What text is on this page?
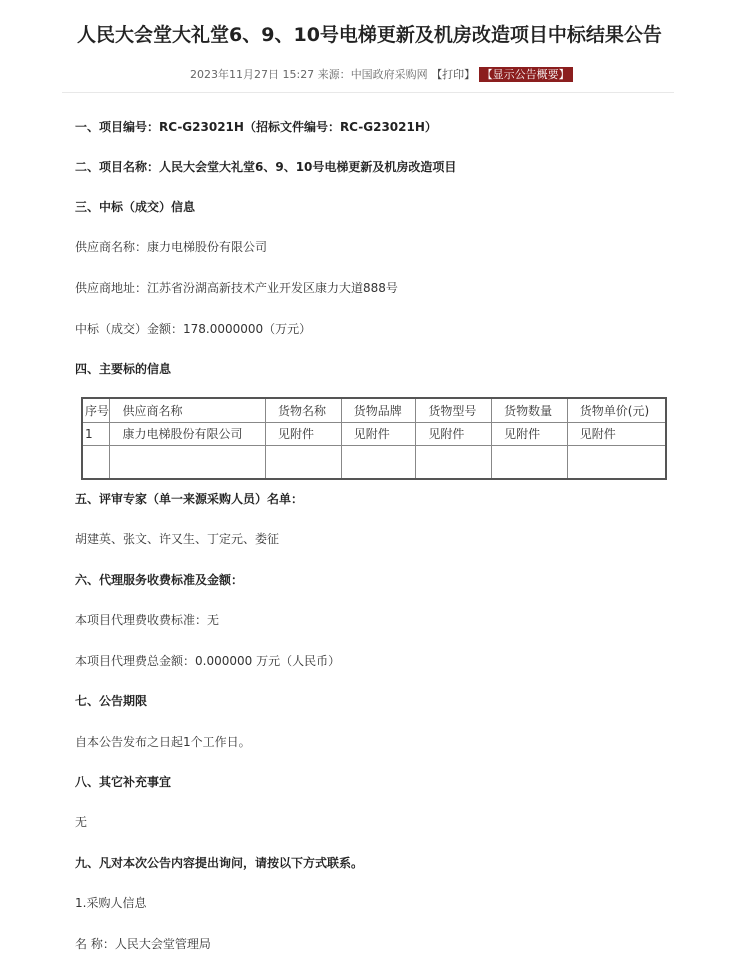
人民大会堂大礼堂6、9、10号电梯更新及机房改造项目中标结果公告
2023年11月27日 15:27 来源：中国政府采购网 【打印】 【显示公告概要】
一、项目编号：RC-G23021H（招标文件编号：RC-G23021H）
二、项目名称：人民大会堂大礼堂6、9、10号电梯更新及机房改造项目
三、中标（成交）信息
供应商名称：康力电梯股份有限公司
供应商地址：江苏省汾湖高新技术产业开发区康力大道888号
中标（成交）金额：178.0000000（万元）
四、主要标的信息
序号	供应商名称	货物名称	货物品牌	货物型号	货物数量	货物单价(元)
1	康力电梯股份有限公司	见附件	见附件	见附件	见附件	见附件

五、评审专家（单一来源采购人员）名单：
胡建英、张文、许又生、丁定元、娄征
六、代理服务收费标准及金额：
本项目代理费收费标准：无
本项目代理费总金额：0.000000 万元（人民币）
七、公告期限
自本公告发布之日起1个工作日。
八、其它补充事宜
无
九、凡对本次公告内容提出询问，请按以下方式联系。
1.采购人信息
名 称：人民大会堂管理局
